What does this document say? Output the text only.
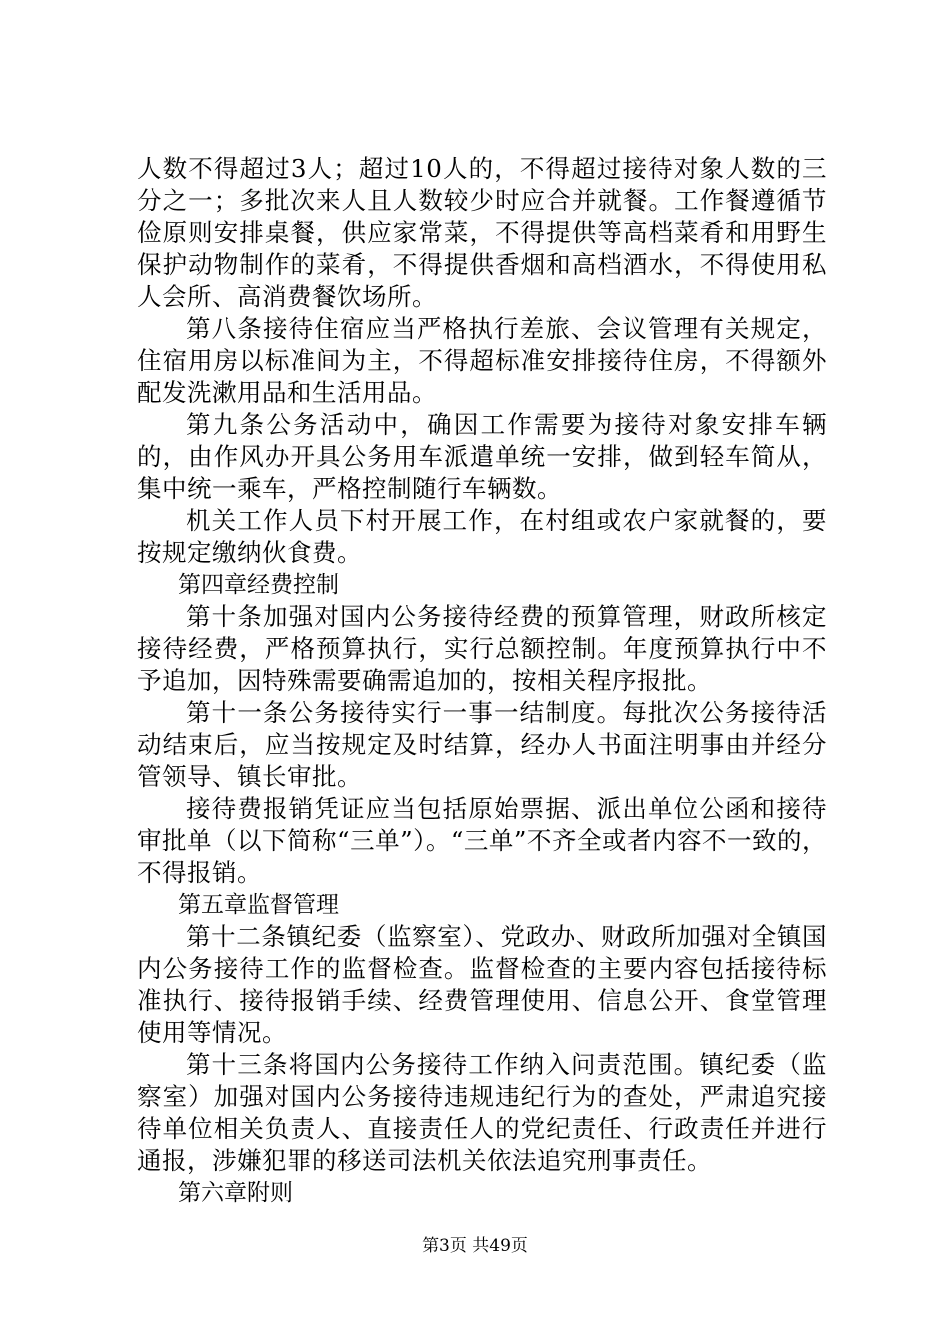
人数不得超过3人；超过10人的，不得超过接待对象人数的三分之一；多批次来人且人数较少时应合并就餐。工作餐遵循节俭原则安排桌餐，供应家常菜，不得提供等高档菜肴和用野生保护动物制作的菜肴，不得提供香烟和高档酒水，不得使用私人会所、高消费餐饮场所。

第八条接待住宿应当严格执行差旅、会议管理有关规定，住宿用房以标准间为主，不得超标准安排接待住房，不得额外配发洗漱用品和生活用品。

第九条公务活动中，确因工作需要为接待对象安排车辆的，由作风办开具公务用车派遣单统一安排，做到轻车简从，集中统一乘车，严格控制随行车辆数。

机关工作人员下村开展工作，在村组或农户家就餐的，要按规定缴纳伙食费。

第四章经费控制

第十条加强对国内公务接待经费的预算管理，财政所核定接待经费，严格预算执行，实行总额控制。年度预算执行中不予追加，因特殊需要确需追加的，按相关程序报批。

第十一条公务接待实行一事一结制度。每批次公务接待活动结束后，应当按规定及时结算，经办人书面注明事由并经分管领导、镇长审批。

接待费报销凭证应当包括原始票据、派出单位公函和接待审批单（以下简称“三单”）。“三单”不齐全或者内容不一致的，不得报销。

第五章监督管理

第十二条镇纪委（监察室）、党政办、财政所加强对全镇国内公务接待工作的监督检查。监督检查的主要内容包括接待标准执行、接待报销手续、经费管理使用、信息公开、食堂管理使用等情况。

第十三条将国内公务接待工作纳入问责范围。镇纪委（监察室）加强对国内公务接待违规违纪行为的查处，严肃追究接待单位相关负责人、直接责任人的党纪责任、行政责任并进行通报，涉嫌犯罪的移送司法机关依法追究刑事责任。

第六章附则

第3页 共49页
